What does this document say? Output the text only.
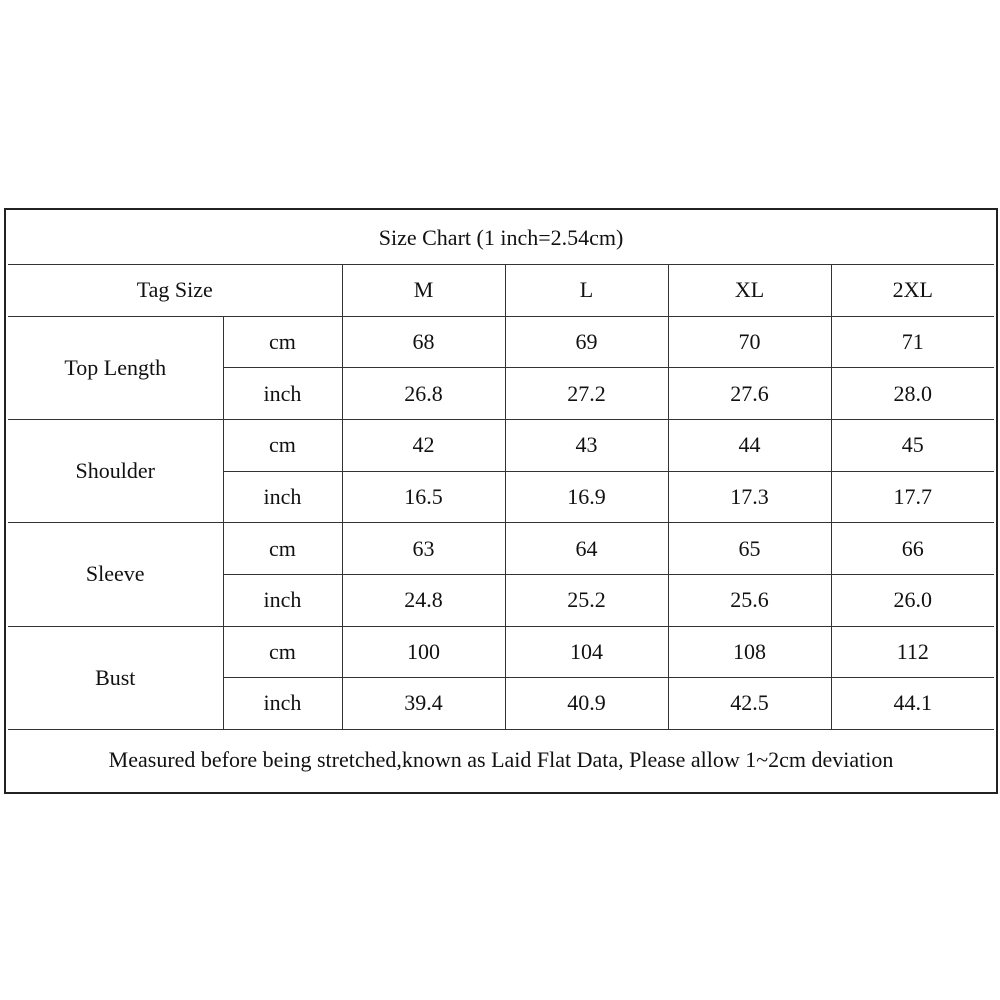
Size Chart (1 inch=2.54cm)					
Tag Size		M	L	XL	2XL
Top Length	cm	68	69	70	71
	inch	26.8	27.2	27.6	28.0
Shoulder	cm	42	43	44	45
	inch	16.5	16.9	17.3	17.7
Sleeve	cm	63	64	65	66
	inch	24.8	25.2	25.6	26.0
Bust	cm	100	104	108	112
	inch	39.4	40.9	42.5	44.1
Measured before being stretched,known as Laid Flat Data, Please allow 1~2cm deviation					
